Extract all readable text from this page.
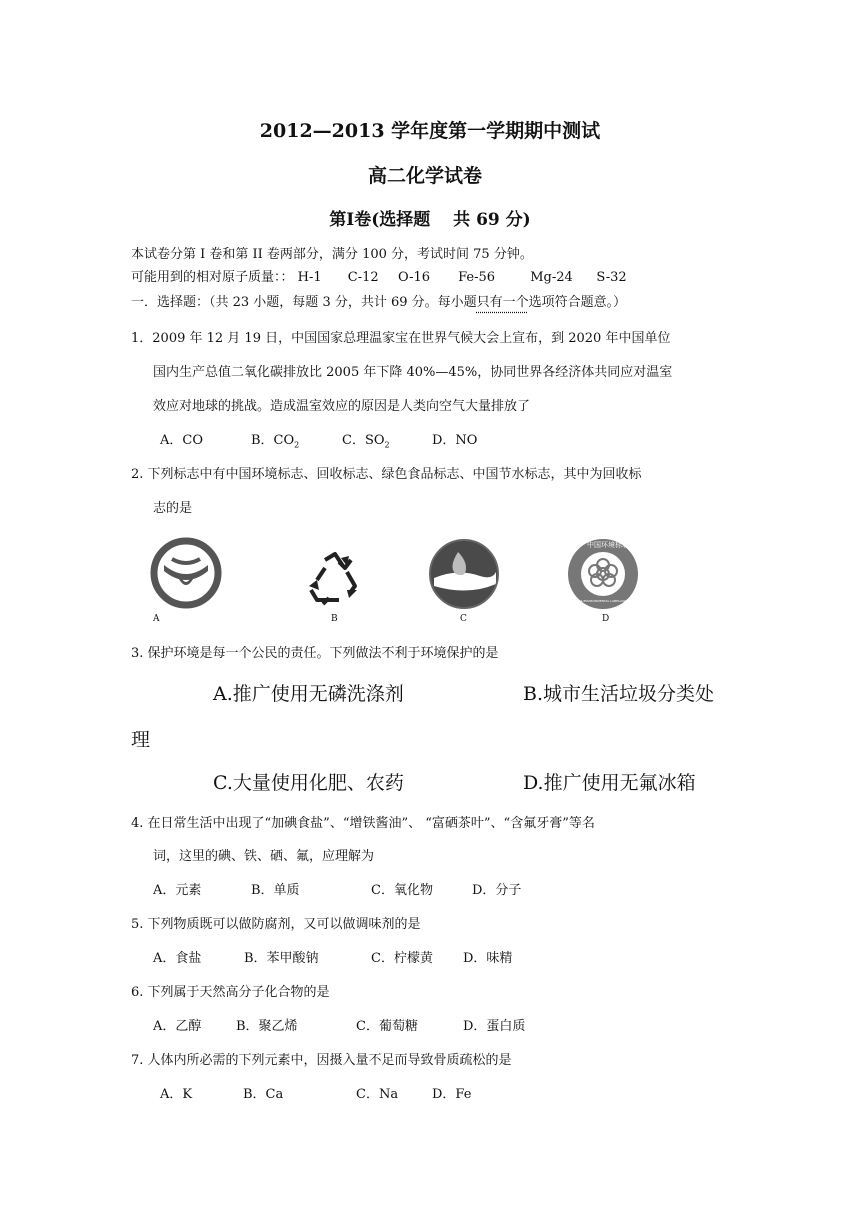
2012—2013 学年度第一学期期中测试
高二化学试卷
第Ⅰ卷(选择题　 共 69 分)
本试卷分第 I 卷和第 II 卷两部分，满分 100 分，考试时间 75 分钟。
可能用到的相对原子质量：： H-1 C-12 O-16 Fe-56	Mg-24 S-32
一．选择题：（共 23 小题，每题 3 分，共计 69 分。每小题只有一个选项符合题意。）
1．2009 年 12 月 19 日，中国国家总理温家宝在世界气候大会上宣布，到 2020 年中国单位
国内生产总值二氧化碳排放比 2005 年下降 40%—45%，协同世界各经济体共同应对温室
效应对地球的挑战。造成温室效应的原因是人类向空气大量排放了
A．CO	B．$CO_2$	C．$SO_2$	D．NO
2. 下列标志中有中国环境标志、回收标志、绿色食品标志、中国节水标志，其中为回收标
志的是
A	B	C
中国环境标志
CHINA ENVIRONMENTAL LABELLING
D
3. 保护环境是每一个公民的责任。下列做法不利于环境保护的是
A.推广使用无磷洗涤剂	B.城市生活垃圾分类处
理
C.大量使用化肥、农药	D.推广使用无氟冰箱
4. 在日常生活中出现了“加碘食盐”、“增铁酱油”、 “富硒茶叶”、“含氟牙膏”等名
词，这里的碘、铁、硒、氟，应理解为
A．元素	B．单质	C．氧化物	D．分子
5. 下列物质既可以做防腐剂，又可以做调味剂的是
A．食盐	B．苯甲酸钠	C．柠檬黄 D．味精
6. 下列属于天然高分子化合物的是
A．乙醇	B．聚乙烯	C．葡萄糖	D．蛋白质
7. 人体内所必需的下列元素中，因摄入量不足而导致骨质疏松的是
A．K	B．Ca	C．Na	D．Fe
